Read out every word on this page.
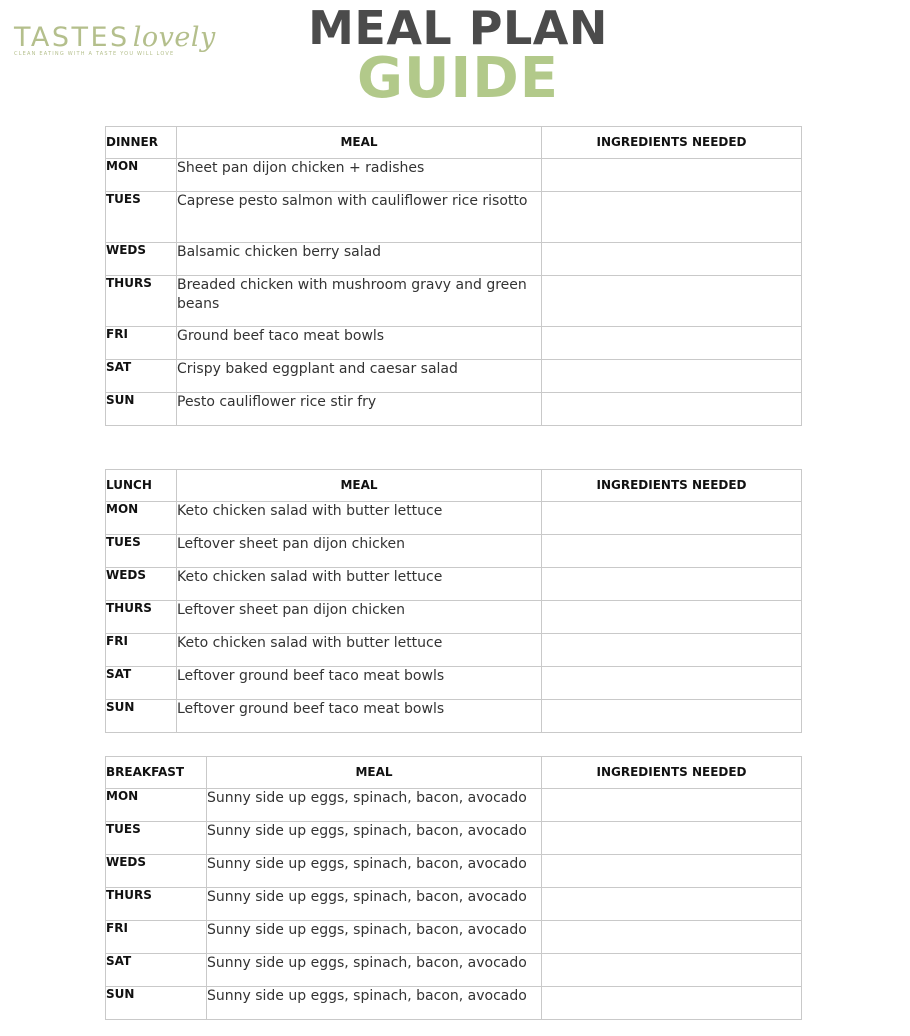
TASTES lovely
CLEAN EATING WITH A TASTE YOU WILL LOVE	MEAL PLAN
GUIDE
DINNER	MEAL	INGREDIENTS NEEDED
MON	Sheet pan dijon chicken + radishes	
TUES	Caprese pesto salmon with cauliflower rice risotto	
WEDS	Balsamic chicken berry salad	
THURS	Breaded chicken with mushroom gravy and green beans	
FRI	Ground beef taco meat bowls	
SAT	Crispy baked eggplant and caesar salad	
SUN	Pesto cauliflower rice stir fry	
LUNCH	MEAL	INGREDIENTS NEEDED
MON	Keto chicken salad with butter lettuce	
TUES	Leftover sheet pan dijon chicken	
WEDS	Keto chicken salad with butter lettuce	
THURS	Leftover sheet pan dijon chicken	
FRI	Keto chicken salad with butter lettuce	
SAT	Leftover ground beef taco meat bowls	
SUN	Leftover ground beef taco meat bowls	
BREAKFAST	MEAL	INGREDIENTS NEEDED
MON	Sunny side up eggs, spinach, bacon, avocado	
TUES	Sunny side up eggs, spinach, bacon, avocado	
WEDS	Sunny side up eggs, spinach, bacon, avocado	
THURS	Sunny side up eggs, spinach, bacon, avocado	
FRI	Sunny side up eggs, spinach, bacon, avocado	
SAT	Sunny side up eggs, spinach, bacon, avocado	
SUN	Sunny side up eggs, spinach, bacon, avocado	
